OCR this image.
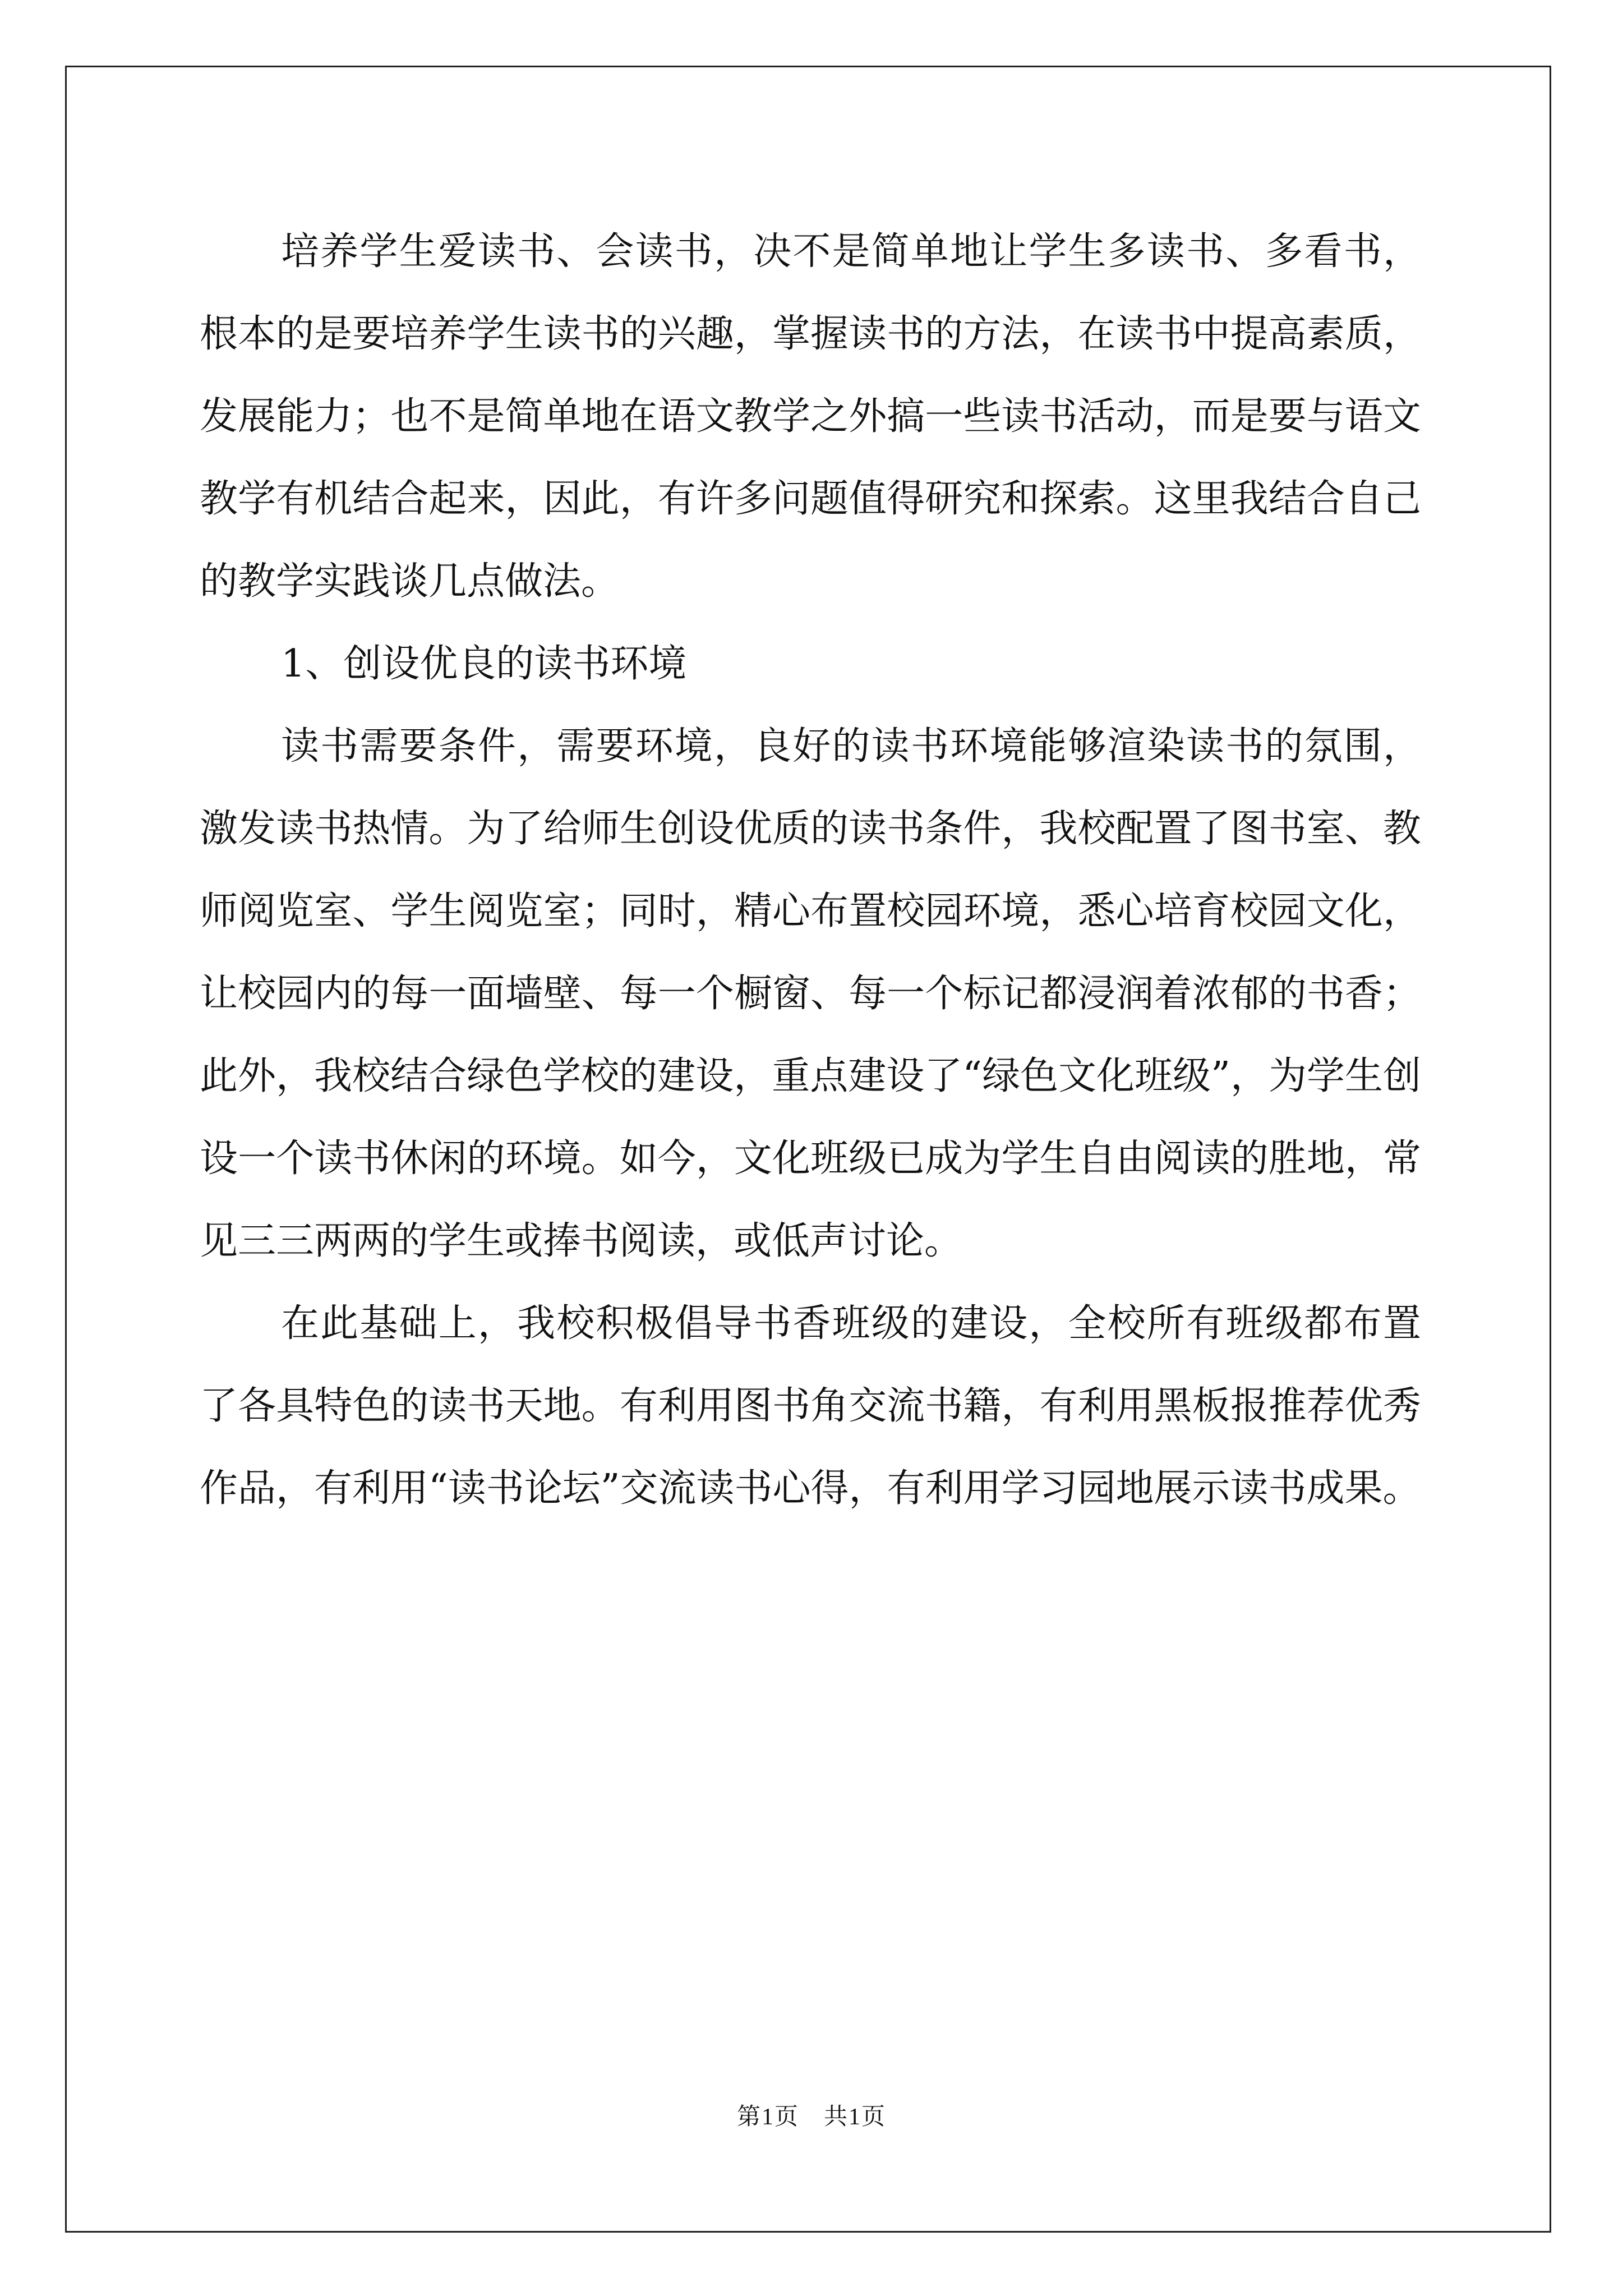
培养学生爱读书、会读书，决不是简单地让学生多读书、多看书，根本的是要培养学生读书的兴趣，掌握读书的方法，在读书中提高素质，发展能力；也不是简单地在语文教学之外搞一些读书活动，而是要与语文教学有机结合起来，因此，有许多问题值得研究和探索。这里我结合自己的教学实践谈几点做法。

1、创设优良的读书环境

读书需要条件，需要环境，良好的读书环境能够渲染读书的氛围，激发读书热情。为了给师生创设优质的读书条件，我校配置了图书室、教师阅览室、学生阅览室；同时，精心布置校园环境，悉心培育校园文化，让校园内的每一面墙壁、每一个橱窗、每一个标记都浸润着浓郁的书香；此外，我校结合绿色学校的建设，重点建设了“绿色文化班级”，为学生创设一个读书休闲的环境。如今，文化班级已成为学生自由阅读的胜地，常见三三两两的学生或捧书阅读，或低声讨论。

在此基础上，我校积极倡导书香班级的建设，全校所有班级都布置了各具特色的读书天地。有利用图书角交流书籍，有利用黑板报推荐优秀作品，有利用“读书论坛”交流读书心得，有利用学习园地展示读书成果。

第1页　共1页
